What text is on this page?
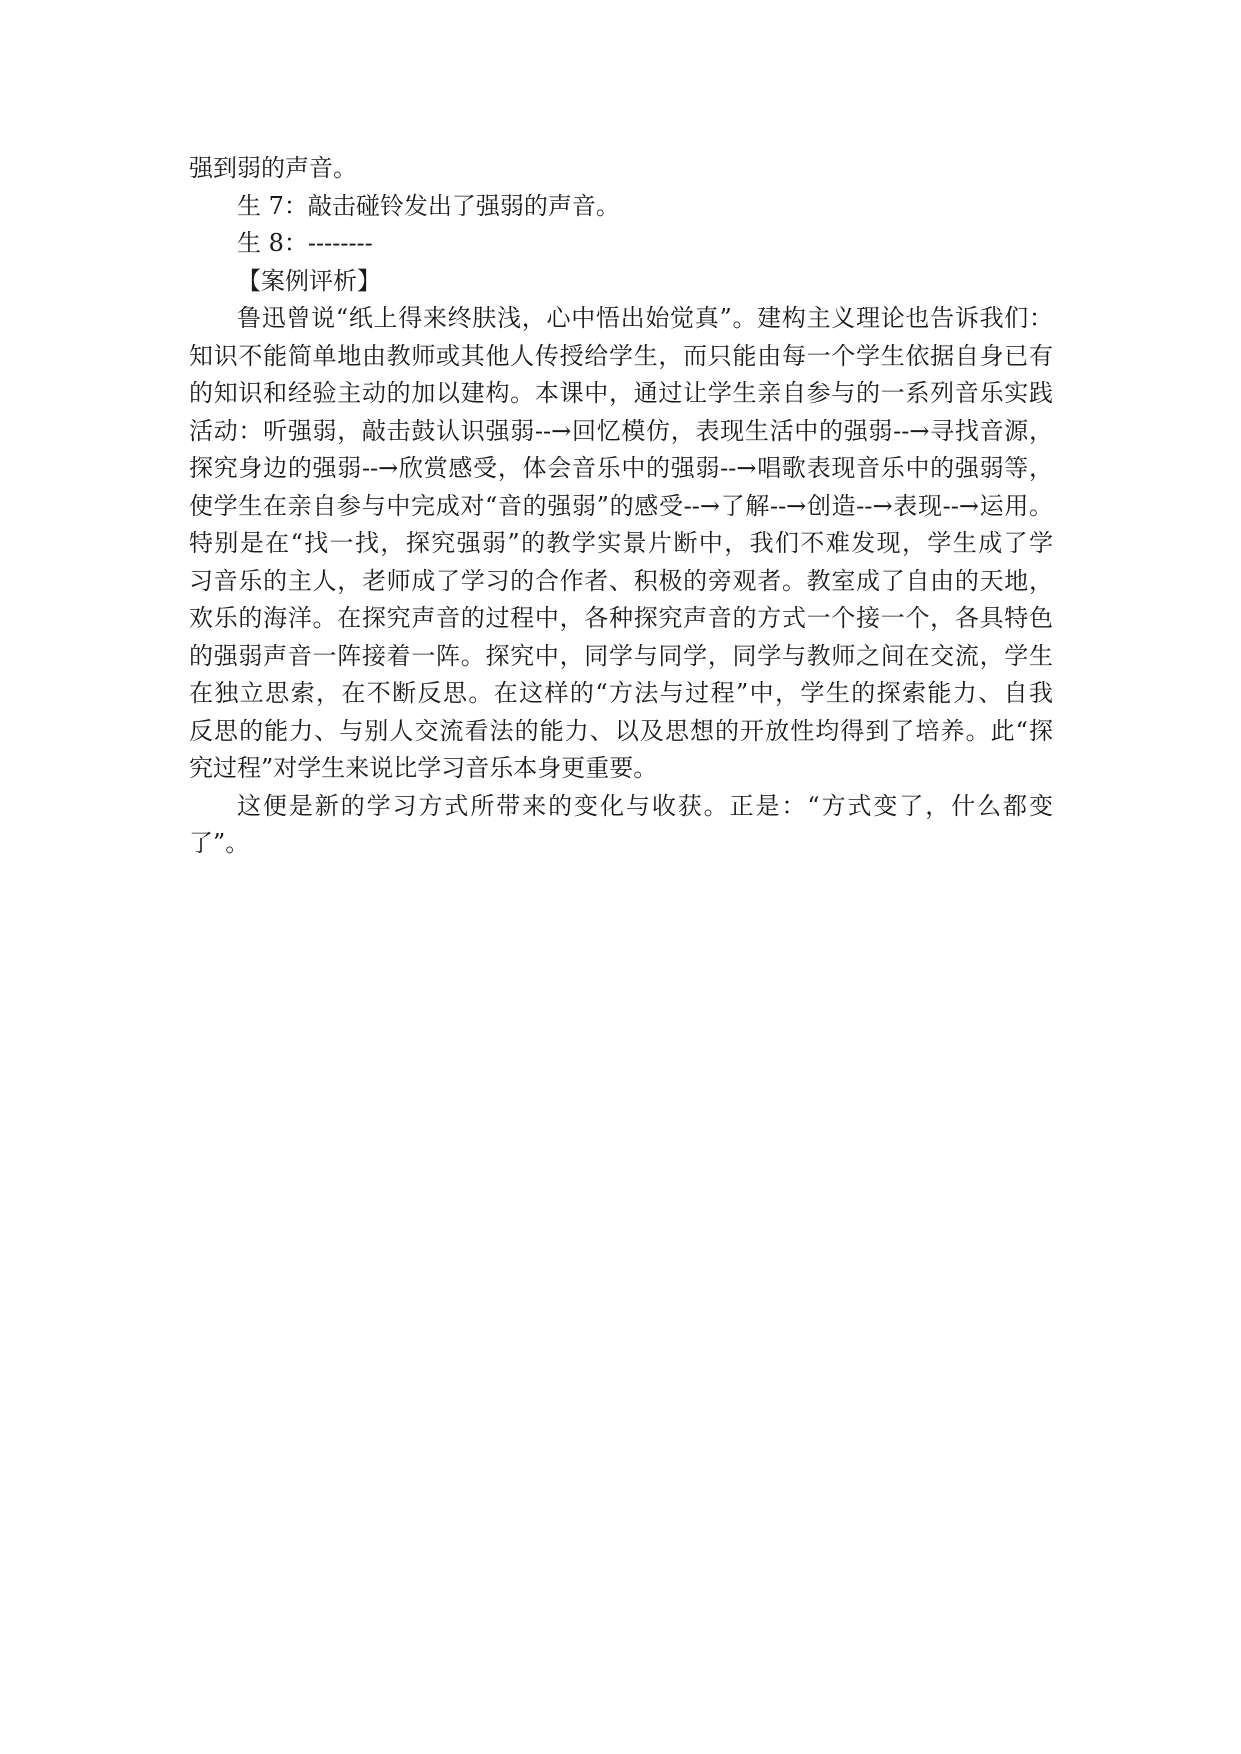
强到弱的声音。

生 7：敲击碰铃发出了强弱的声音。

生 8：--------

【案例评析】

鲁迅曾说“纸上得来终肤浅，心中悟出始觉真”。建构主义理论也告诉我们：

知识不能简单地由教师或其他人传授给学生，而只能由每一个学生依据自身已有

的知识和经验主动的加以建构。本课中，通过让学生亲自参与的一系列音乐实践

活动：听强弱，敲击鼓认识强弱--→回忆模仿，表现生活中的强弱--→寻找音源，

探究身边的强弱--→欣赏感受，体会音乐中的强弱--→唱歌表现音乐中的强弱等，

使学生在亲自参与中完成对“音的强弱”的感受--→了解--→创造--→表现--→运用。

特别是在“找一找，探究强弱”的教学实景片断中，我们不难发现，学生成了学

习音乐的主人，老师成了学习的合作者、积极的旁观者。教室成了自由的天地，

欢乐的海洋。在探究声音的过程中，各种探究声音的方式一个接一个，各具特色

的强弱声音一阵接着一阵。探究中，同学与同学，同学与教师之间在交流，学生

在独立思索，在不断反思。在这样的“方法与过程”中，学生的探索能力、自我

反思的能力、与别人交流看法的能力、以及思想的开放性均得到了培养。此“探

究过程”对学生来说比学习音乐本身更重要。

这便是新的学习方式所带来的变化与收获。正是：“方式变了，什么都变

了”。
